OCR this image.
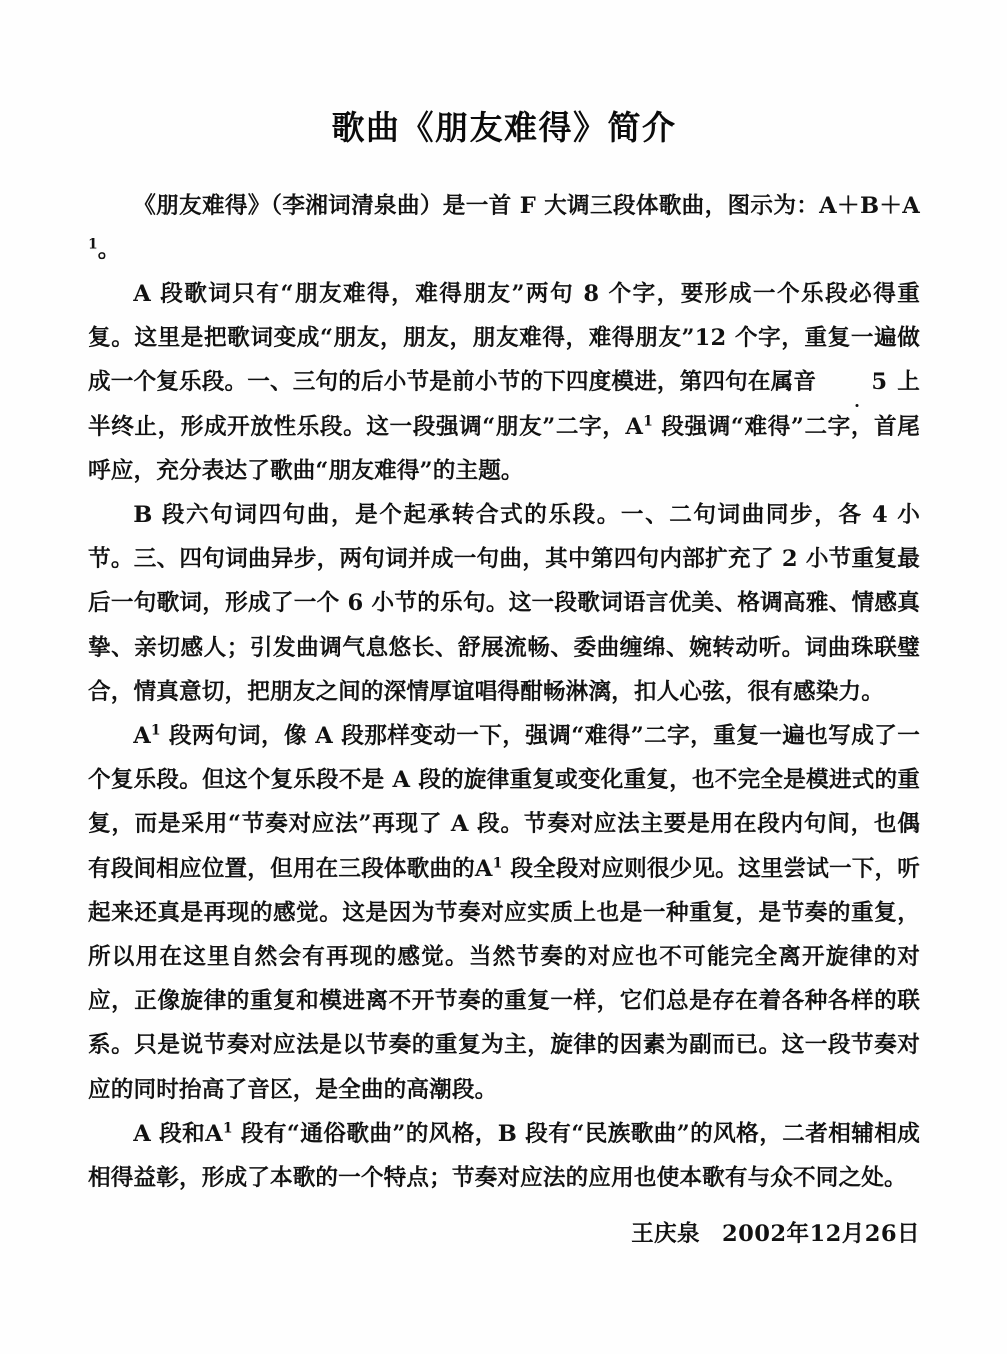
歌曲《朋友难得》简介

《朋友难得》（李湘词清泉曲）是一首 F 大调三段体歌曲，图示为：$A+B+A^1$。

A 段歌词只有“朋友难得，难得朋友”两句 8 个字，要形成一个乐段必得重复。这里是把歌词变成“朋友，朋友，朋友难得，难得朋友”12 个字，重复一遍做成一个复乐段。一、三句的后小节是前小节的下四度模进，第四句在属音 5 上半终止，形成开放性乐段。这一段强调“朋友”二字，$A^1$ 段强调“难得”二字，首尾呼应，充分表达了歌曲“朋友难得”的主题。

B 段六句词四句曲，是个起承转合式的乐段。一、二句词曲同步，各 4 小节。三、四句词曲异步，两句词并成一句曲，其中第四句内部扩充了 2 小节重复最后一句歌词，形成了一个 6 小节的乐句。这一段歌词语言优美、格调高雅、情感真挚、亲切感人；引发曲调气息悠长、舒展流畅、委曲缠绵、婉转动听。词曲珠联璧合，情真意切，把朋友之间的深情厚谊唱得酣畅淋漓，扣人心弦，很有感染力。

$A^1$ 段两句词，像 A 段那样变动一下，强调“难得”二字，重复一遍也写成了一个复乐段。但这个复乐段不是 A 段的旋律重复或变化重复，也不完全是模进式的重复，而是采用“节奏对应法”再现了 A 段。节奏对应法主要是用在段内句间，也偶有段间相应位置，但用在三段体歌曲的$A^1$ 段全段对应则很少见。这里尝试一下，听起来还真是再现的感觉。这是因为节奏对应实质上也是一种重复，是节奏的重复，所以用在这里自然会有再现的感觉。当然节奏的对应也不可能完全离开旋律的对应，正像旋律的重复和模进离不开节奏的重复一样，它们总是存在着各种各样的联系。只是说节奏对应法是以节奏的重复为主，旋律的因素为副而已。这一段节奏对应的同时抬高了音区，是全曲的高潮段。

A 段和$A^1$ 段有“通俗歌曲”的风格，B 段有“民族歌曲”的风格，二者相辅相成相得益彰，形成了本歌的一个特点；节奏对应法的应用也使本歌有与众不同之处。

王庆泉 2002年12月26日
